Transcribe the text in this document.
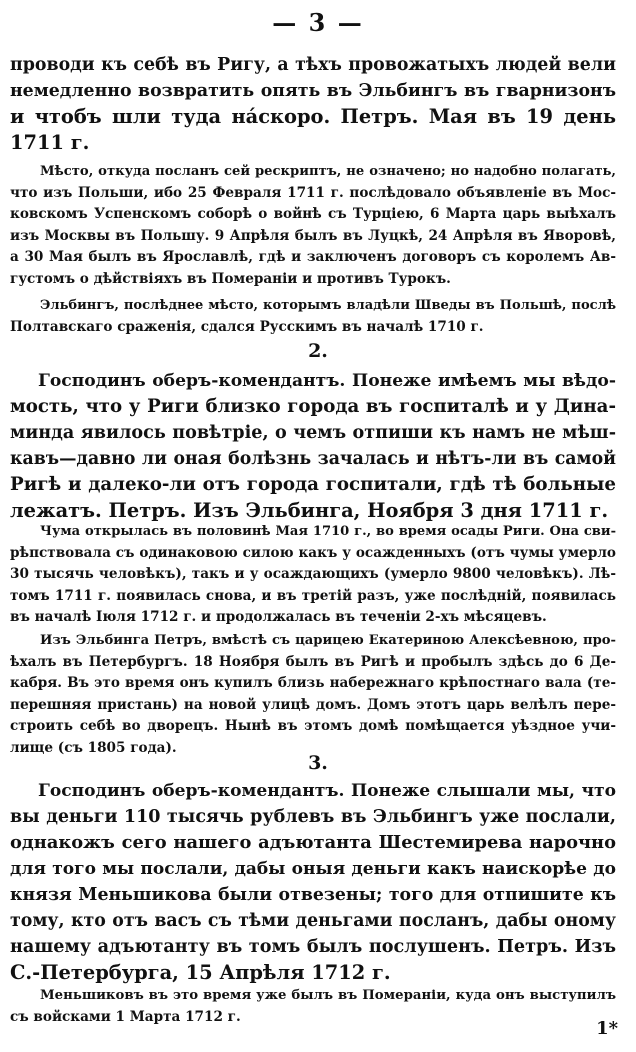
— 3 —
проводи къ себѣ въ Ригу, а тѣхъ провожатыхъ людей вели
немедленно возвратить опять въ Эльбингъ въ гварнизонъ
и чтобъ шли туда на́скоро. Петръ. Мая въ 19 день
1711 г.
Мѣсто, откуда посланъ сей рескриптъ, не означено; но надобно полагать,
что изъ Польши, ибо 25 Февраля 1711 г. послѣдовало объявленіе въ Мос-
ковскомъ Успенскомъ соборѣ о войнѣ съ Турціею, 6 Марта царь выѣхалъ
изъ Москвы въ Польшу. 9 Апрѣля былъ въ Луцкѣ, 24 Апрѣля въ Яворовѣ,
а 30 Мая былъ въ Ярославлѣ, гдѣ и заключенъ договоръ съ королемъ Ав-
густомъ о дѣйствіяхъ въ Помераніи и противъ Турокъ.
Эльбингъ, послѣднее мѣсто, которымъ владѣли Шведы въ Польшѣ, послѣ
Полтавскаго сраженія, сдался Русскимъ въ началѣ 1710 г.
2.
Господинъ оберъ-комендантъ. Понеже имѣемъ мы вѣдо-
мость, что у Риги близко города въ госпиталѣ и у Дина-
минда явилось повѣтріе, о чемъ отпиши къ намъ не мѣш-
кавъ—давно ли оная болѣзнь зачалась и нѣтъ-ли въ самой
Ригѣ и далеко-ли отъ города госпитали, гдѣ тѣ больные
лежатъ. Петръ. Изъ Эльбинга, Ноября 3 дня 1711 г.
Чума открылась въ половинѣ Мая 1710 г., во время осады Риги. Она сви-
рѣпствовала съ одинаковою силою какъ у осажденныхъ (отъ чумы умерло
30 тысячь человѣкъ), такъ и у осаждающихъ (умерло 9800 человѣкъ). Лѣ-
томъ 1711 г. появилась снова, и въ третій разъ, уже послѣдній, появилась
въ началѣ Іюля 1712 г. и продолжалась въ теченіи 2-хъ мѣсяцевъ.
Изъ Эльбинга Петръ, вмѣстѣ съ царицею Екатериною Алексѣевною, про-
ѣхалъ въ Петербургъ. 18 Ноября былъ въ Ригѣ и пробылъ здѣсь до 6 Де-
кабря. Въ это время онъ купилъ близь набережнаго крѣпостнаго вала (те-
перешняя пристань) на новой улицѣ домъ. Домъ этотъ царь велѣлъ пере-
строить себѣ во дворецъ. Нынѣ въ этомъ домѣ помѣщается уѣздное учи-
лище (съ 1805 года).
3.
Господинъ оберъ-комендантъ. Понеже слышали мы, что
вы деньги 110 тысячь рублевъ въ Эльбингъ уже послали,
однакожъ сего нашего адъютанта Шестемирева нарочно
для того мы послали, дабы оныя деньги какъ наискорѣе до
князя Меньшикова были отвезены; того для отпишите къ
тому, кто отъ васъ съ тѣми деньгами посланъ, дабы оному
нашему адъютанту въ томъ былъ послушенъ. Петръ. Изъ
С.-Петербурга, 15 Апрѣля 1712 г.
Меньшиковъ въ это время уже былъ въ Помераніи, куда онъ выступилъ
съ войсками 1 Марта 1712 г.
1*
